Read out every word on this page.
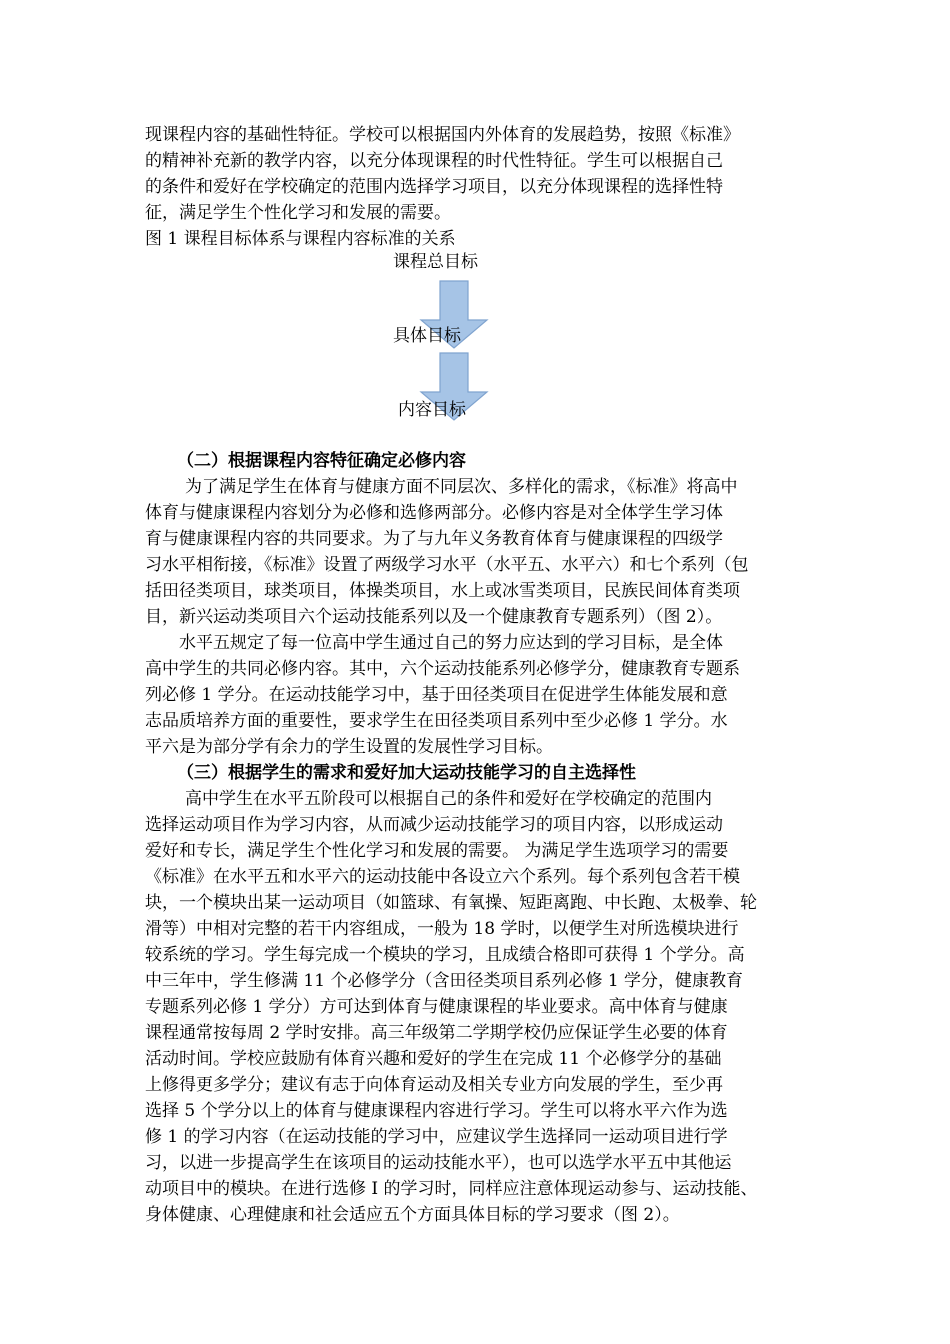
现课程内容的基础性特征。学校可以根据国内外体育的发展趋势，按照《标准》
的精神补充新的教学内容，以充分体现课程的时代性特征。学生可以根据自己
的条件和爱好在学校确定的范围内选择学习项目，以充分体现课程的选择性特
征，满足学生个性化学习和发展的需要。
图 1 课程目标体系与课程内容标准的关系
课程总目标
具体目标
内容目标
（二）根据课程内容特征确定必修内容
为了满足学生在体育与健康方面不同层次、多样化的需求，《标准》将高中
体育与健康课程内容划分为必修和选修两部分。必修内容是对全体学生学习体
育与健康课程内容的共同要求。为了与九年义务教育体育与健康课程的四级学
习水平相衔接，《标准》设置了两级学习水平（水平五、水平六）和七个系列（包
括田径类项目，球类项目，体操类项目，水上或冰雪类项目，民族民间体育类项
目，新兴运动类项目六个运动技能系列以及一个健康教育专题系列）（图 2）。
水平五规定了每一位高中学生通过自己的努力应达到的学习目标，是全体
高中学生的共同必修内容。其中，六个运动技能系列必修学分，健康教育专题系
列必修 1 学分。在运动技能学习中，基于田径类项目在促进学生体能发展和意
志品质培养方面的重要性，要求学生在田径类项目系列中至少必修 1 学分。水
平六是为部分学有余力的学生设置的发展性学习目标。
（三）根据学生的需求和爱好加大运动技能学习的自主选择性
高中学生在水平五阶段可以根据自己的条件和爱好在学校确定的范围内
选择运动项目作为学习内容，从而减少运动技能学习的项目内容，以形成运动
爱好和专长，满足学生个性化学习和发展的需要。 为满足学生选项学习的需要
《标准》在水平五和水平六的运动技能中各设立六个系列。每个系列包含若干模
块，一个模块出某一运动项目（如篮球、有氧操、短距离跑、中长跑、太极拳、轮
滑等）中相对完整的若干内容组成，一般为 18 学时，以便学生对所选模块进行
较系统的学习。学生每完成一个模块的学习，且成绩合格即可获得 1 个学分。高
中三年中，学生修满 11 个必修学分（含田径类项目系列必修 1 学分，健康教育
专题系列必修 1 学分）方可达到体育与健康课程的毕业要求。高中体育与健康
课程通常按每周 2 学时安排。高三年级第二学期学校仍应保证学生必要的体育
活动时间。学校应鼓励有体育兴趣和爱好的学生在完成 11 个必修学分的基础
上修得更多学分；建议有志于向体育运动及相关专业方向发展的学生，至少再
选择 5 个学分以上的体育与健康课程内容进行学习。学生可以将水平六作为选
修 1 的学习内容（在运动技能的学习中，应建议学生选择同一运动项目进行学
习，以进一步提高学生在该项目的运动技能水平），也可以选学水平五中其他运
动项目中的模块。在进行选修 I 的学习时，同样应注意体现运动参与、运动技能、
身体健康、心理健康和社会适应五个方面具体目标的学习要求（图 2）。
